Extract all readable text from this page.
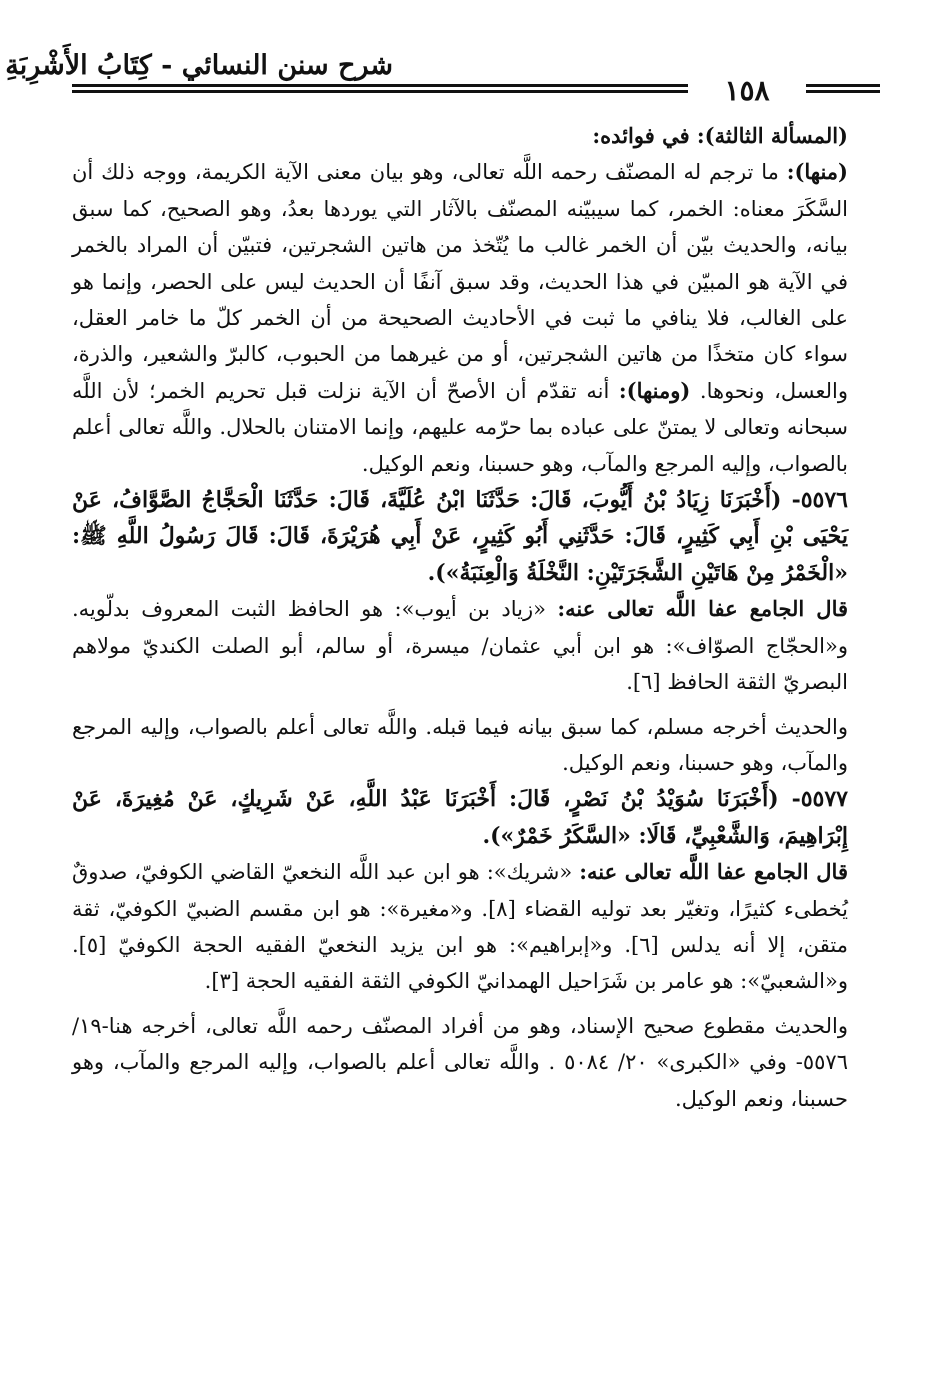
شرح سنن النسائي - كِتَابُ الأَشْرِبَةِ
١٥٨

(المسألة الثالثة): في فوائده:

(منها): ما ترجم له المصنّف رحمه اللَّه تعالى، وهو بيان معنى الآية الكريمة، ووجه ذلك أن السَّكَرَ معناه: الخمر، كما سيبيّنه المصنّف بالآثار التي يوردها بعدُ، وهو الصحيح، كما سبق بيانه، والحديث بيّن أن الخمر غالب ما يُتّخذ من هاتين الشجرتين، فتبيّن أن المراد بالخمر في الآية هو المبيّن في هذا الحديث، وقد سبق آنفًا أن الحديث ليس على الحصر، وإنما هو على الغالب، فلا ينافي ما ثبت في الأحاديث الصحيحة من أن الخمر كلّ ما خامر العقل، سواء كان متخذًا من هاتين الشجرتين، أو من غيرهما من الحبوب، كالبرّ والشعير، والذرة، والعسل، ونحوها. (ومنها): أنه تقدّم أن الأصحّ أن الآية نزلت قبل تحريم الخمر؛ لأن اللَّه سبحانه وتعالى لا يمتنّ على عباده بما حرّمه عليهم، وإنما الامتنان بالحلال. واللَّه تعالى أعلم بالصواب، وإليه المرجع والمآب، وهو حسبنا، ونعم الوكيل.

٥٥٧٦- (أَخْبَرَنَا زِيَادُ بْنُ أَيُّوبَ، قَالَ: حَدَّثَنَا ابْنُ عُلَيَّةَ، قَالَ: حَدَّثَنَا الْحَجَّاجُ الصَّوَّافُ، عَنْ يَحْيَى بْنِ أَبِي كَثِيرٍ، قَالَ: حَدَّثَنِي أَبُو كَثِيرٍ، عَنْ أَبِي هُرَيْرَةَ، قَالَ: قَالَ رَسُولُ اللَّهِ ﷺ: «الْخَمْرُ مِنْ هَاتَيْنِ الشَّجَرَتَيْنِ: النَّخْلَةُ وَالْعِنَبَةُ»).

قال الجامع عفا اللَّه تعالى عنه: «زياد بن أيوب»: هو الحافظ الثبت المعروف بدلّويه. و«الحجّاج الصوّاف»: هو ابن أبي عثمان/ ميسرة، أو سالم، أبو الصلت الكنديّ مولاهم البصريّ الثقة الحافظ [٦].

والحديث أخرجه مسلم، كما سبق بيانه فيما قبله. واللَّه تعالى أعلم بالصواب، وإليه المرجع والمآب، وهو حسبنا، ونعم الوكيل.

٥٥٧٧- (أَخْبَرَنَا سُوَيْدُ بْنُ نَصْرٍ، قَالَ: أَخْبَرَنَا عَبْدُ اللَّهِ، عَنْ شَرِيكٍ، عَنْ مُغِيرَةَ، عَنْ إِبْرَاهِيمَ، وَالشَّعْبِيِّ، قَالَا: «السَّكَرُ خَمْرٌ»).

قال الجامع عفا اللَّه تعالى عنه: «شريك»: هو ابن عبد اللَّه النخعيّ القاضي الكوفيّ، صدوقٌ يُخطىء كثيرًا، وتغيّر بعد توليه القضاء [٨]. و«مغيرة»: هو ابن مقسم الضبيّ الكوفيّ، ثقة متقن، إلا أنه يدلس [٦]. و«إبراهيم»: هو ابن يزيد النخعيّ الفقيه الحجة الكوفيّ [٥]. و«الشعبيّ»: هو عامر بن شَرَاحيل الهمدانيّ الكوفي الثقة الفقيه الحجة [٣].

والحديث مقطوع صحيح الإسناد، وهو من أفراد المصنّف رحمه اللَّه تعالى، أخرجه هنا-١٩/ ٥٥٧٦- وفي «الكبرى» ٢٠/ ٥٠٨٤ . واللَّه تعالى أعلم بالصواب، وإليه المرجع والمآب، وهو حسبنا، ونعم الوكيل.
